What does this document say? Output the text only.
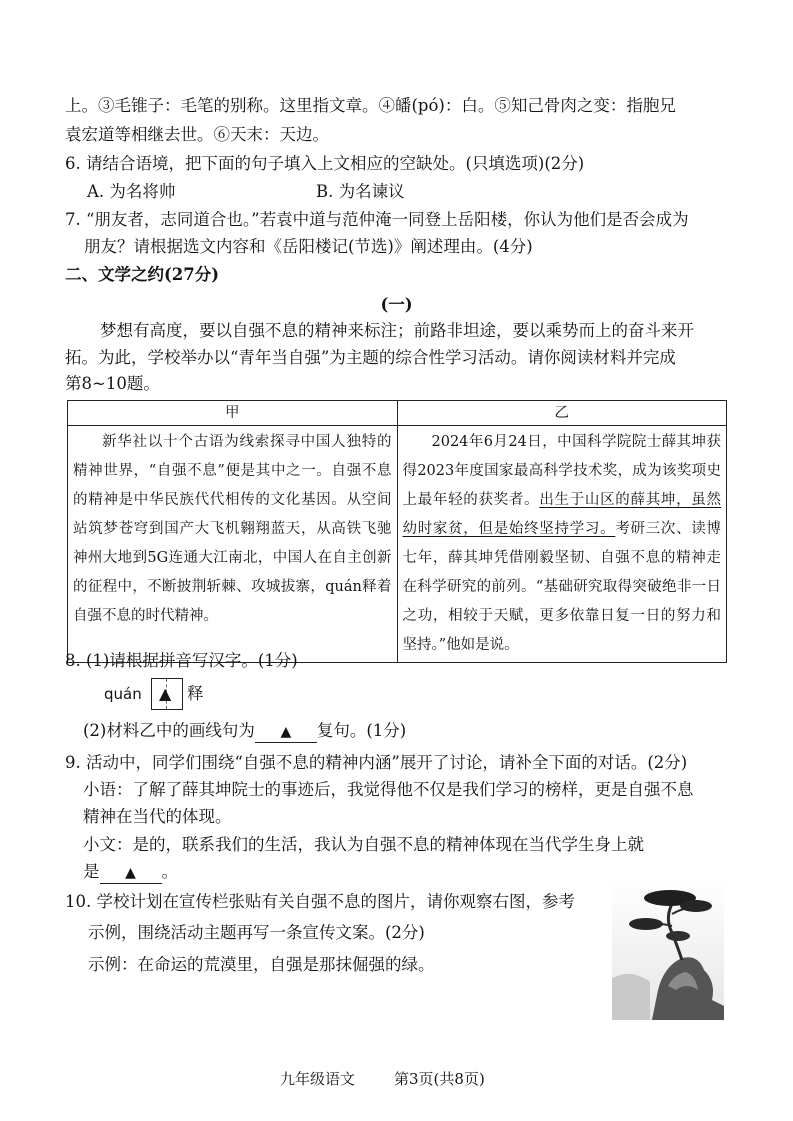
上。③毛锥子：毛笔的别称。这里指文章。④皤(pó)：白。⑤知己骨肉之变：指胞兄
袁宏道等相继去世。⑥天末：天边。
6. 请结合语境，把下面的句子填入上文相应的空缺处。(只填选项)(2分)
A. 为名将帅	B. 为名谏议
7. “朋友者，志同道合也。”若袁中道与范仲淹一同登上岳阳楼，你认为他们是否会成为
朋友？请根据选文内容和《岳阳楼记(节选)》阐述理由。(4分)
二、文学之约(27分)
(一)
梦想有高度，要以自强不息的精神来标注；前路非坦途，要以乘势而上的奋斗来开
拓。为此，学校举办以“青年当自强”为主题的综合性学习活动。请你阅读材料并完成
第8~10题。
甲	乙

新华社以十个古语为线索探寻中国人独特的精神世界，“自强不息”便是其中之一。自强不息的精神是中华民族代代相传的文化基因。从空间站筑梦苍穹到国产大飞机翱翔蓝天，从高铁飞驰神州大地到5G连通大江南北，中国人在自主创新的征程中，不断披荆斩棘、攻城拔寨，quán释着自强不息的时代精神。	2024年6月24日，中国科学院院士薛其坤获得2023年度国家最高科学技术奖，成为该奖项史上最年轻的获奖者。出生于山区的薛其坤，虽然幼时家贫，但是始终坚持学习。考研三次、读博七年，薛其坤凭借刚毅坚韧、自强不息的精神走在科学研究的前列。“基础研究取得突破绝非一日之功，相较于天赋，更多依靠日复一日的努力和坚持。”他如是说。
8. (1)请根据拼音写汉字。(1分)
quán ▲ 释
(2)材料乙中的画线句为 ▲ 复句。(1分)
9. 活动中，同学们围绕“自强不息的精神内涵”展开了讨论，请补全下面的对话。(2分)
小语：了解了薛其坤院士的事迹后，我觉得他不仅是我们学习的榜样，更是自强不息
精神在当代的体现。
小文：是的，联系我们的生活，我认为自强不息的精神体现在当代学生身上就
是 ▲ 。
10. 学校计划在宣传栏张贴有关自强不息的图片，请你观察右图，参考
示例，围绕活动主题再写一条宣传文案。(2分)
示例：在命运的荒漠里，自强是那抹倔强的绿。
九年级语文	第3页(共8页)
